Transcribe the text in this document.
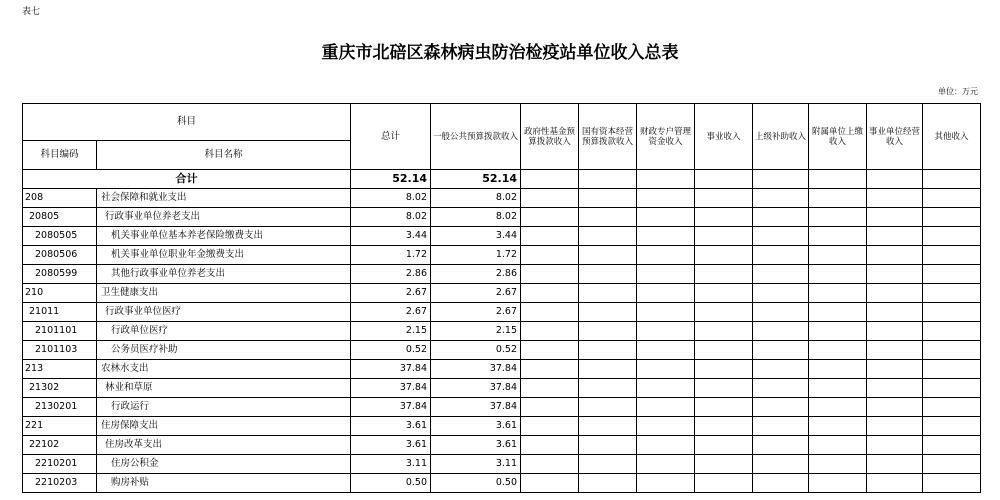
表七
重庆市北碚区森林病虫防治检疫站单位收入总表
单位：万元
科目		总计	一般公共预算拨款收入	政府性基金预算拨款收入	国有资本经营预算拨款收入	财政专户管理资金收入	事业收入	上级补助收入	附属单位上缴收入	事业单位经营收入	其他收入
科目编码	科目名称										
合计		52.14	52.14								
208	社会保障和就业支出	8.02	8.02								
20805	行政事业单位养老支出	8.02	8.02								
2080505	机关事业单位基本养老保险缴费支出	3.44	3.44								
2080506	机关事业单位职业年金缴费支出	1.72	1.72								
2080599	其他行政事业单位养老支出	2.86	2.86								
210	卫生健康支出	2.67	2.67								
21011	行政事业单位医疗	2.67	2.67								
2101101	行政单位医疗	2.15	2.15								
2101103	公务员医疗补助	0.52	0.52								
213	农林水支出	37.84	37.84								
21302	林业和草原	37.84	37.84								
2130201	行政运行	37.84	37.84								
221	住房保障支出	3.61	3.61								
22102	住房改革支出	3.61	3.61								
2210201	住房公积金	3.11	3.11								
2210203	购房补贴	0.50	0.50								
